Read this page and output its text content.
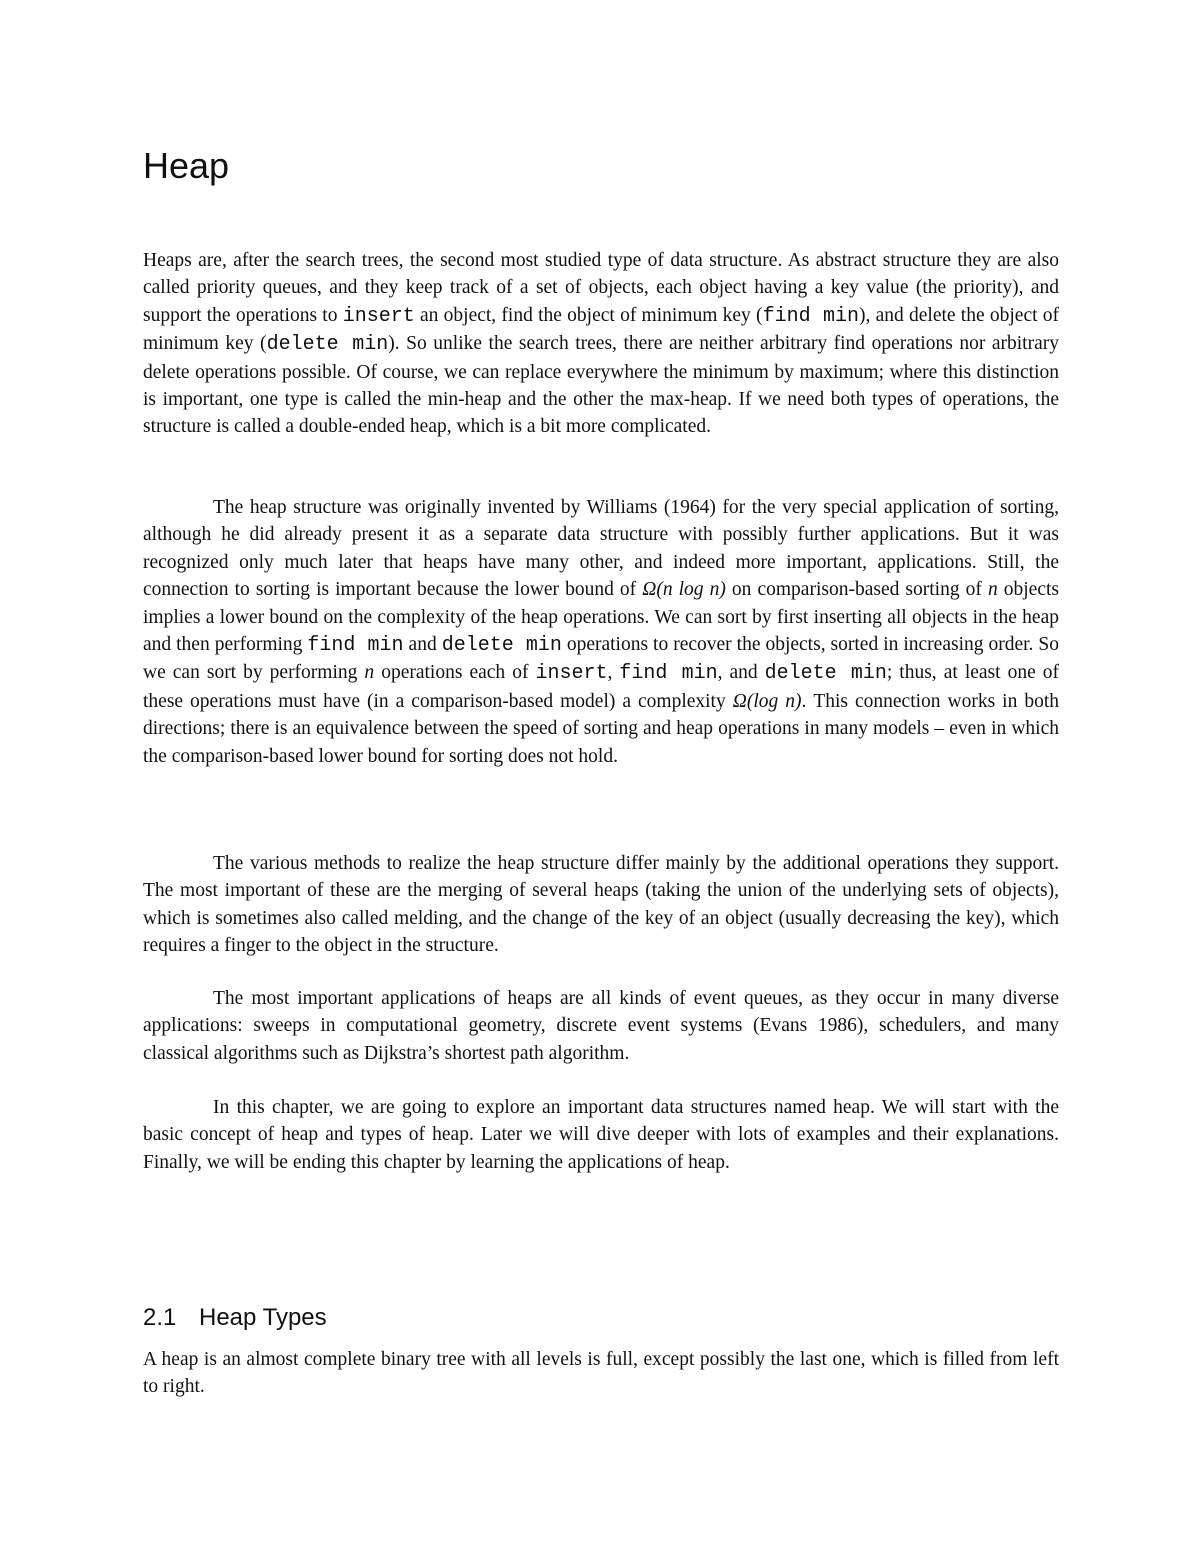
Heap

Heaps are, after the search trees, the second most studied type of data structure. As abstract structure they are also called priority queues, and they keep track of a set of objects, each object having a key value (the priority), and support the operations to insert an object, find the object of minimum key (find min), and delete the object of minimum key (delete min). So unlike the search trees, there are neither arbitrary find operations nor arbitrary delete operations possible. Of course, we can replace everywhere the minimum by maximum; where this distinction is important, one type is called the min-heap and the other the max-heap. If we need both types of operations, the structure is called a double-ended heap, which is a bit more complicated.

The heap structure was originally invented by Williams (1964) for the very special application of sorting, although he did already present it as a separate data structure with possibly further applications. But it was recognized only much later that heaps have many other, and indeed more important, applications. Still, the connection to sorting is important because the lower bound of Ω(n log n) on comparison-based sorting of n objects implies a lower bound on the complexity of the heap operations. We can sort by first inserting all objects in the heap and then performing find min and delete min operations to recover the objects, sorted in increasing order. So we can sort by performing n operations each of insert, find min, and delete min; thus, at least one of these operations must have (in a comparison-based model) a complexity Ω(log n). This connection works in both directions; there is an equivalence between the speed of sorting and heap operations in many models – even in which the comparison-based lower bound for sorting does not hold.

The various methods to realize the heap structure differ mainly by the additional operations they support. The most important of these are the merging of several heaps (taking the union of the underlying sets of objects), which is sometimes also called melding, and the change of the key of an object (usually decreasing the key), which requires a finger to the object in the structure.

The most important applications of heaps are all kinds of event queues, as they occur in many diverse applications: sweeps in computational geometry, discrete event systems (Evans 1986), schedulers, and many classical algorithms such as Dijkstra’s shortest path algorithm.

In this chapter, we are going to explore an important data structures named heap. We will start with the basic concept of heap and types of heap. Later we will dive deeper with lots of examples and their explanations. Finally, we will be ending this chapter by learning the applications of heap.

2.1 Heap Types

A heap is an almost complete binary tree with all levels is full, except possibly the last one, which is filled from left to right.
